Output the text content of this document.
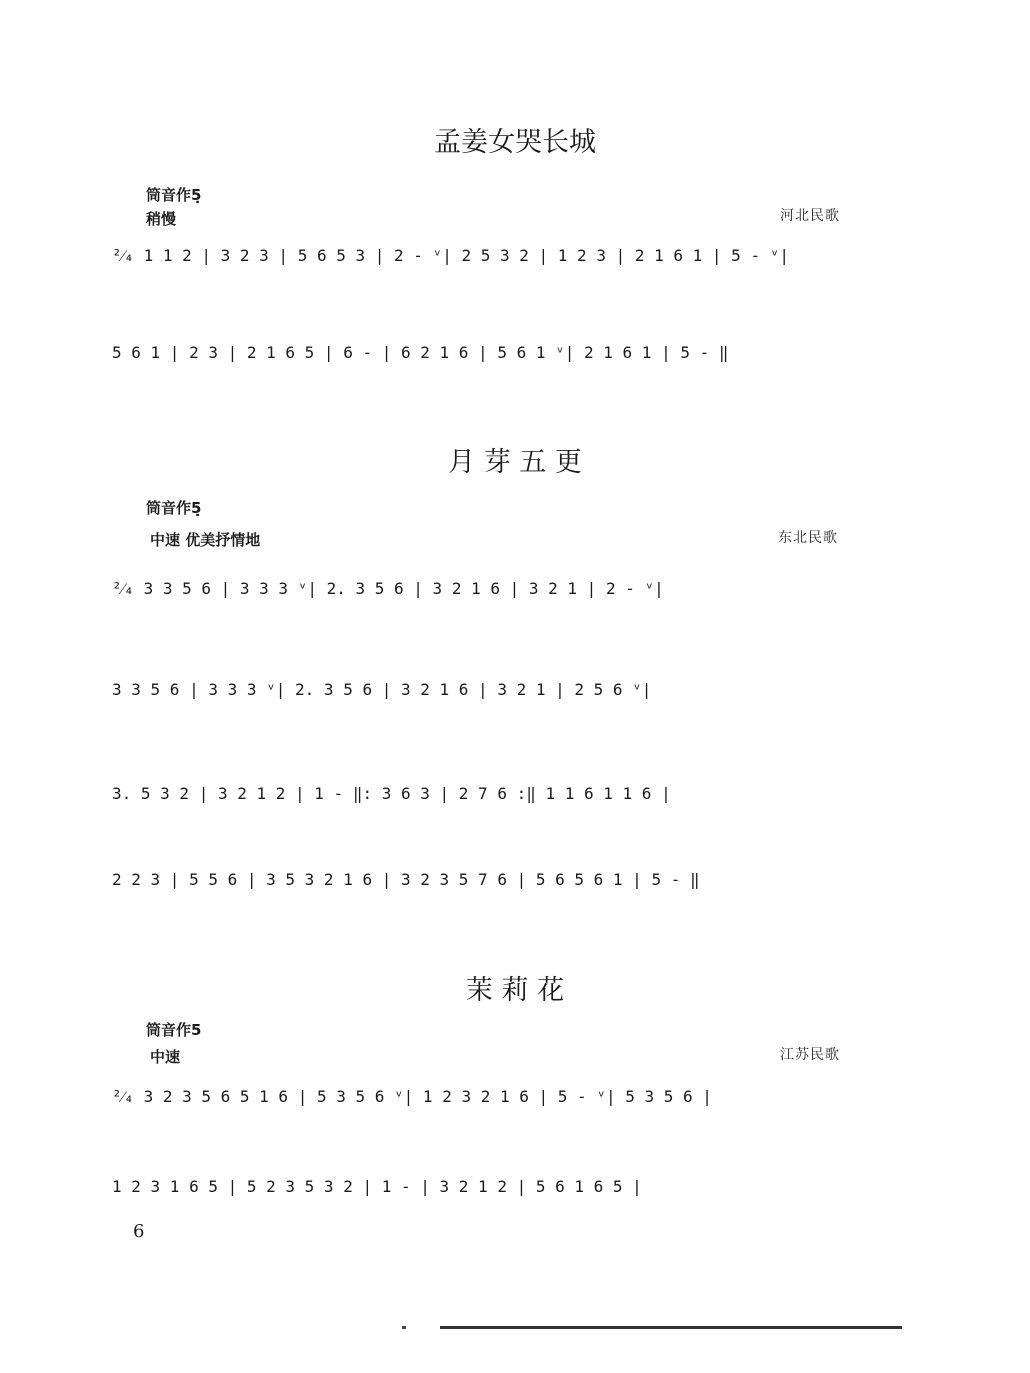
孟姜女哭长城
筒音作5̣
稍慢	河北民歌
²⁄₄ 1 1 2 | 3 2 3 | 5 6 5 3 | 2 - ᵛ| 2 5 3 2 | 1 2 3 | 2 1 6 1 | 5 - ᵛ|
5 6 1 | 2 3 | 2 1 6 5 | 6 - | 6 2 1 6 | 5 6 1 ᵛ| 2 1 6 1 | 5 - ‖
月 芽 五 更
筒音作5̣
中速 优美抒情地	东北民歌
²⁄₄ 3 3 5 6 | 3 3 3 ᵛ| 2. 3 5 6 | 3 2 1 6 | 3 2 1 | 2 - ᵛ|
3 3 5 6 | 3 3 3 ᵛ| 2. 3 5 6 | 3 2 1 6 | 3 2 1 | 2 5 6 ᵛ|
3. 5 3 2 | 3 2 1 2 | 1 - ‖: 3 6 3 | 2 7 6 :‖ 1 1 6 1 1 6 |
2 2 3 | 5 5 6 | 3 5 3 2 1 6 | 3 2 3 5 7 6 | 5 6 5 6 1 | 5 - ‖
茉 莉 花
筒音作5
中速	江苏民歌
²⁄₄ 3 2 3 5 6 5 1 6 | 5 3 5 6 ᵛ| 1 2 3 2 1 6 | 5 - ᵛ| 5 3 5 6 |
1 2 3 1 6 5 | 5 2 3 5 3 2 | 1 - | 3 2 1 2 | 5 6 1 6 5 |
6
